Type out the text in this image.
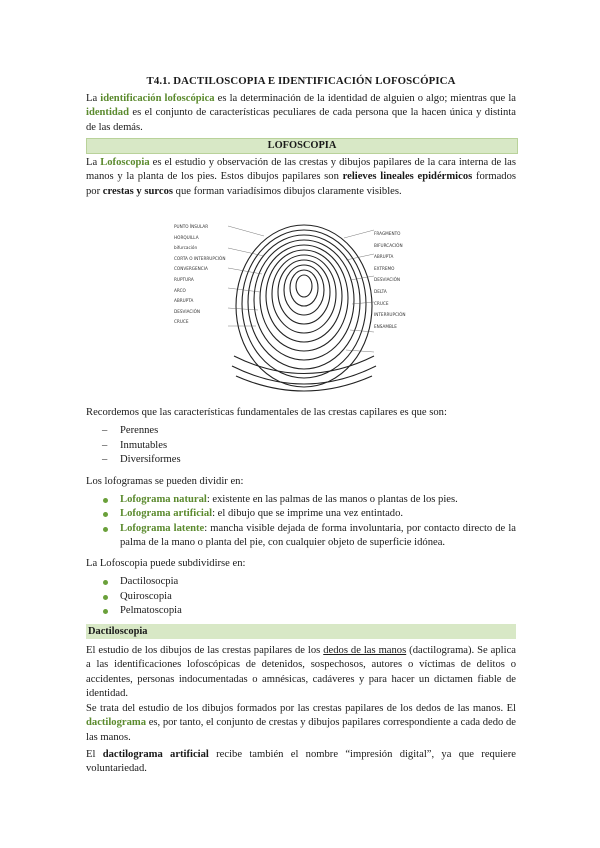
T4.1. DACTILOSCOPIA E IDENTIFICACIÓN LOFOSCÓPICA
La identificación lofoscópica es la determinación de la identidad de alguien o algo; mientras que la identidad es el conjunto de características peculiares de cada persona que la hacen única y distinta de las demás.
LOFOSCOPIA
La Lofoscopia es el estudio y observación de las crestas y dibujos papilares de la cara interna de las manos y la planta de los pies. Estos dibujos papilares son relieves lineales epidérmicos formados por crestas y surcos que forman variadísimos dibujos claramente visibles.
PUNTO ÍNSULAR
HORQUILLA
bifurcación
CORTA O INTERRUPCIÓN
CONVERGENCIA
RUPTURA
ARCO
ABRUPTA
DESVIACIÓN
CRUCE
FRAGMENTO
BIFURCACIÓN
ABRUPTA
EXTREMO
DESVIACIÓN
DELTA
CRUCE
INTERRUPCIÓN
ENSAMBLE
Recordemos que las características fundamentales de las crestas capilares es que son:
– Perennes
– Inmutables
– Diversiformes
Los lofogramas se pueden dividir en:
Lofograma natural: existente en las palmas de las manos o plantas de los pies.
Lofograma artificial: el dibujo que se imprime una vez entintado.
Lofograma latente: mancha visible dejada de forma involuntaria, por contacto directo de la palma de la mano o planta del pie, con cualquier objeto de superficie idónea.
La Lofoscopia puede subdividirse en:
Dactilosocpia
Quiroscopia
Pelmatoscopia
Dactiloscopia
El estudio de los dibujos de las crestas papilares de los dedos de las manos (dactilograma). Se aplica a las identificaciones lofoscópicas de detenidos, sospechosos, autores o víctimas de delitos o accidentes, personas indocumentadas o amnésicas, cadáveres y para hacer un dictamen fiable de identidad.
Se trata del estudio de los dibujos formados por las crestas papilares de los dedos de las manos. El dactilograma es, por tanto, el conjunto de crestas y dibujos papilares correspondiente a cada dedo de las manos.
El dactilograma artificial recibe también el nombre “impresión digital”, ya que requiere voluntariedad.
